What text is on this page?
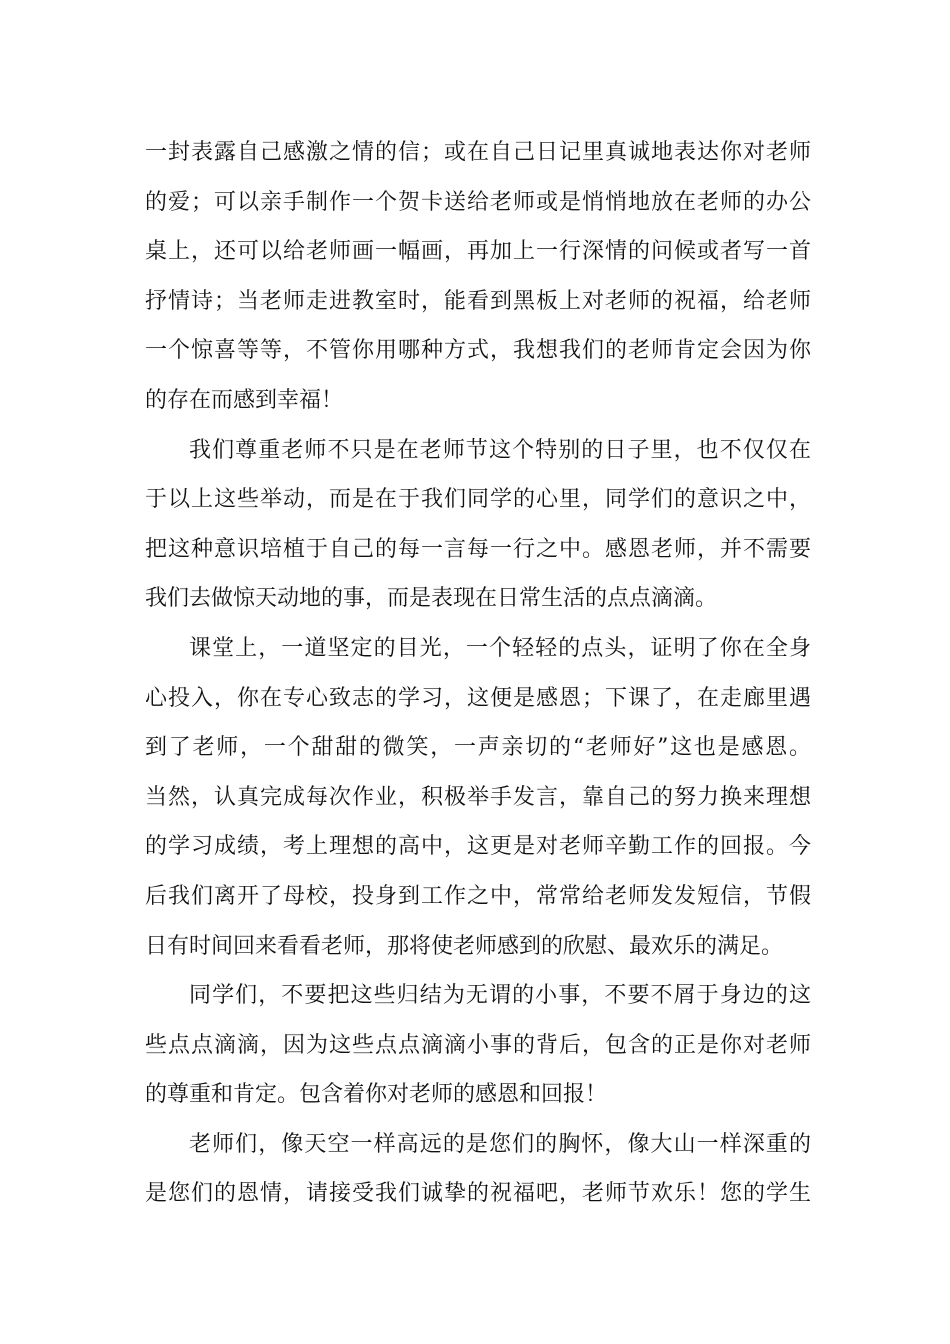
一封表露自己感激之情的信；或在自己日记里真诚地表达你对老师
的爱；可以亲手制作一个贺卡送给老师或是悄悄地放在老师的办公
桌上，还可以给老师画一幅画，再加上一行深情的问候或者写一首
抒情诗；当老师走进教室时，能看到黑板上对老师的祝福，给老师
一个惊喜等等，不管你用哪种方式，我想我们的老师肯定会因为你
的存在而感到幸福！
我们尊重老师不只是在老师节这个特别的日子里，也不仅仅在
于以上这些举动，而是在于我们同学的心里，同学们的意识之中，
把这种意识培植于自己的每一言每一行之中。感恩老师，并不需要
我们去做惊天动地的事，而是表现在日常生活的点点滴滴。
课堂上，一道坚定的目光，一个轻轻的点头，证明了你在全身
心投入，你在专心致志的学习，这便是感恩；下课了，在走廊里遇
到了老师，一个甜甜的微笑，一声亲切的“老师好”这也是感恩。
当然，认真完成每次作业，积极举手发言，靠自己的努力换来理想
的学习成绩，考上理想的高中，这更是对老师辛勤工作的回报。今
后我们离开了母校，投身到工作之中，常常给老师发发短信，节假
日有时间回来看看老师，那将使老师感到的欣慰、最欢乐的满足。
同学们，不要把这些归结为无谓的小事，不要不屑于身边的这
些点点滴滴，因为这些点点滴滴小事的背后，包含的正是你对老师
的尊重和肯定。包含着你对老师的感恩和回报！
老师们，像天空一样高远的是您们的胸怀，像大山一样深重的
是您们的恩情，请接受我们诚挚的祝福吧，老师节欢乐！您的学生
